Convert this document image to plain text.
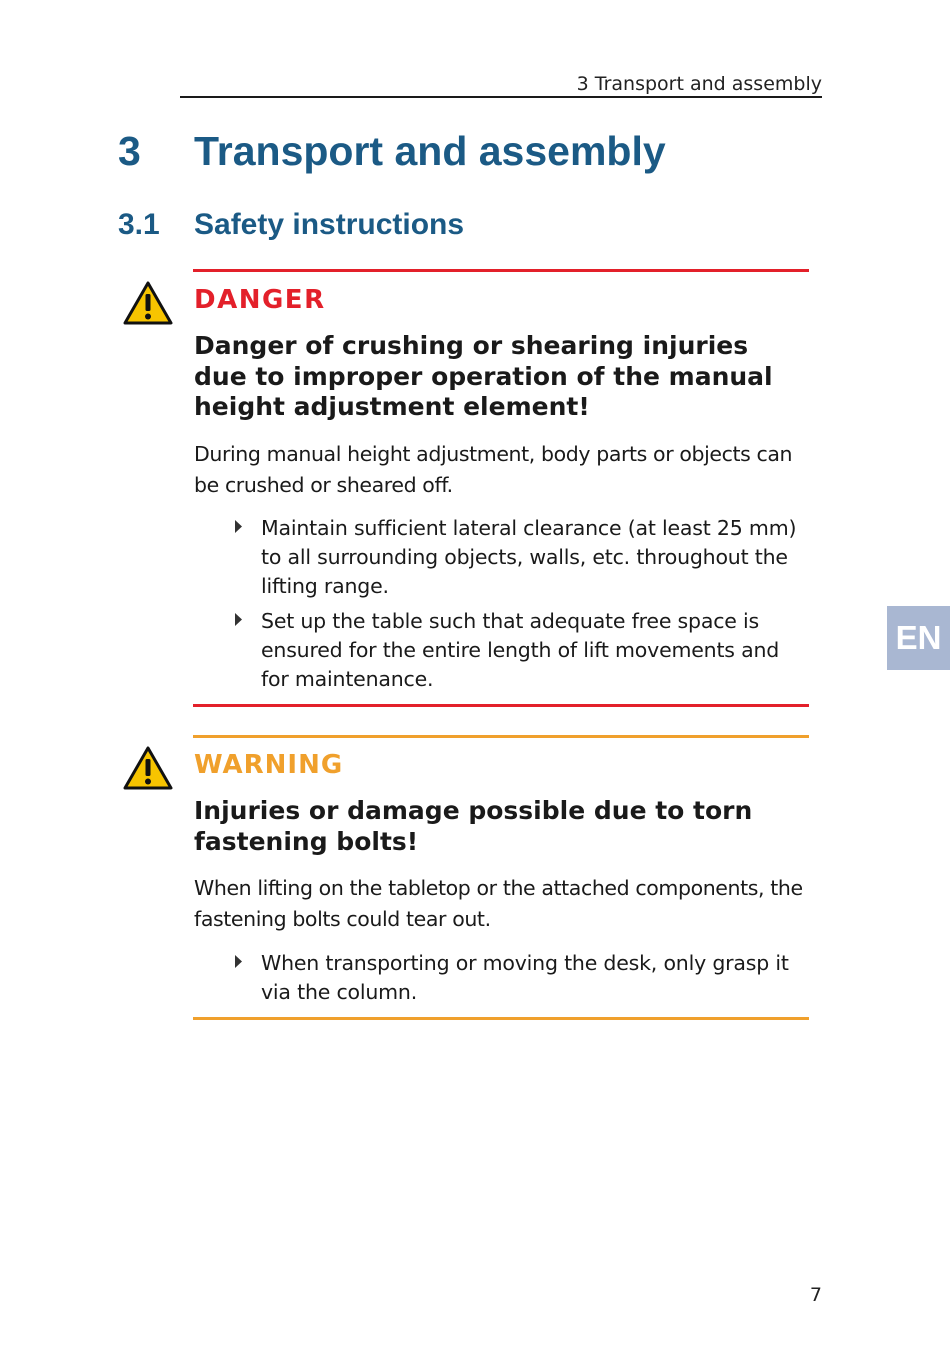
3 Transport and assembly
3 Transport and assembly
3.1 Safety instructions
DANGER
Danger of crushing or shearing injuries due to improper operation of the manual height adjustment element!
During manual height adjustment, body parts or objects can be crushed or sheared off.
Maintain sufficient lateral clearance (at least 25 mm) to all surrounding objects, walls, etc. throughout the lifting range.
Set up the table such that adequate free space is ensured for the entire length of lift movements and for maintenance.
WARNING
Injuries or damage possible due to torn fastening bolts!
When lifting on the tabletop or the attached components, the fastening bolts could tear out.
When transporting or moving the desk, only grasp it via the column.
EN
7
